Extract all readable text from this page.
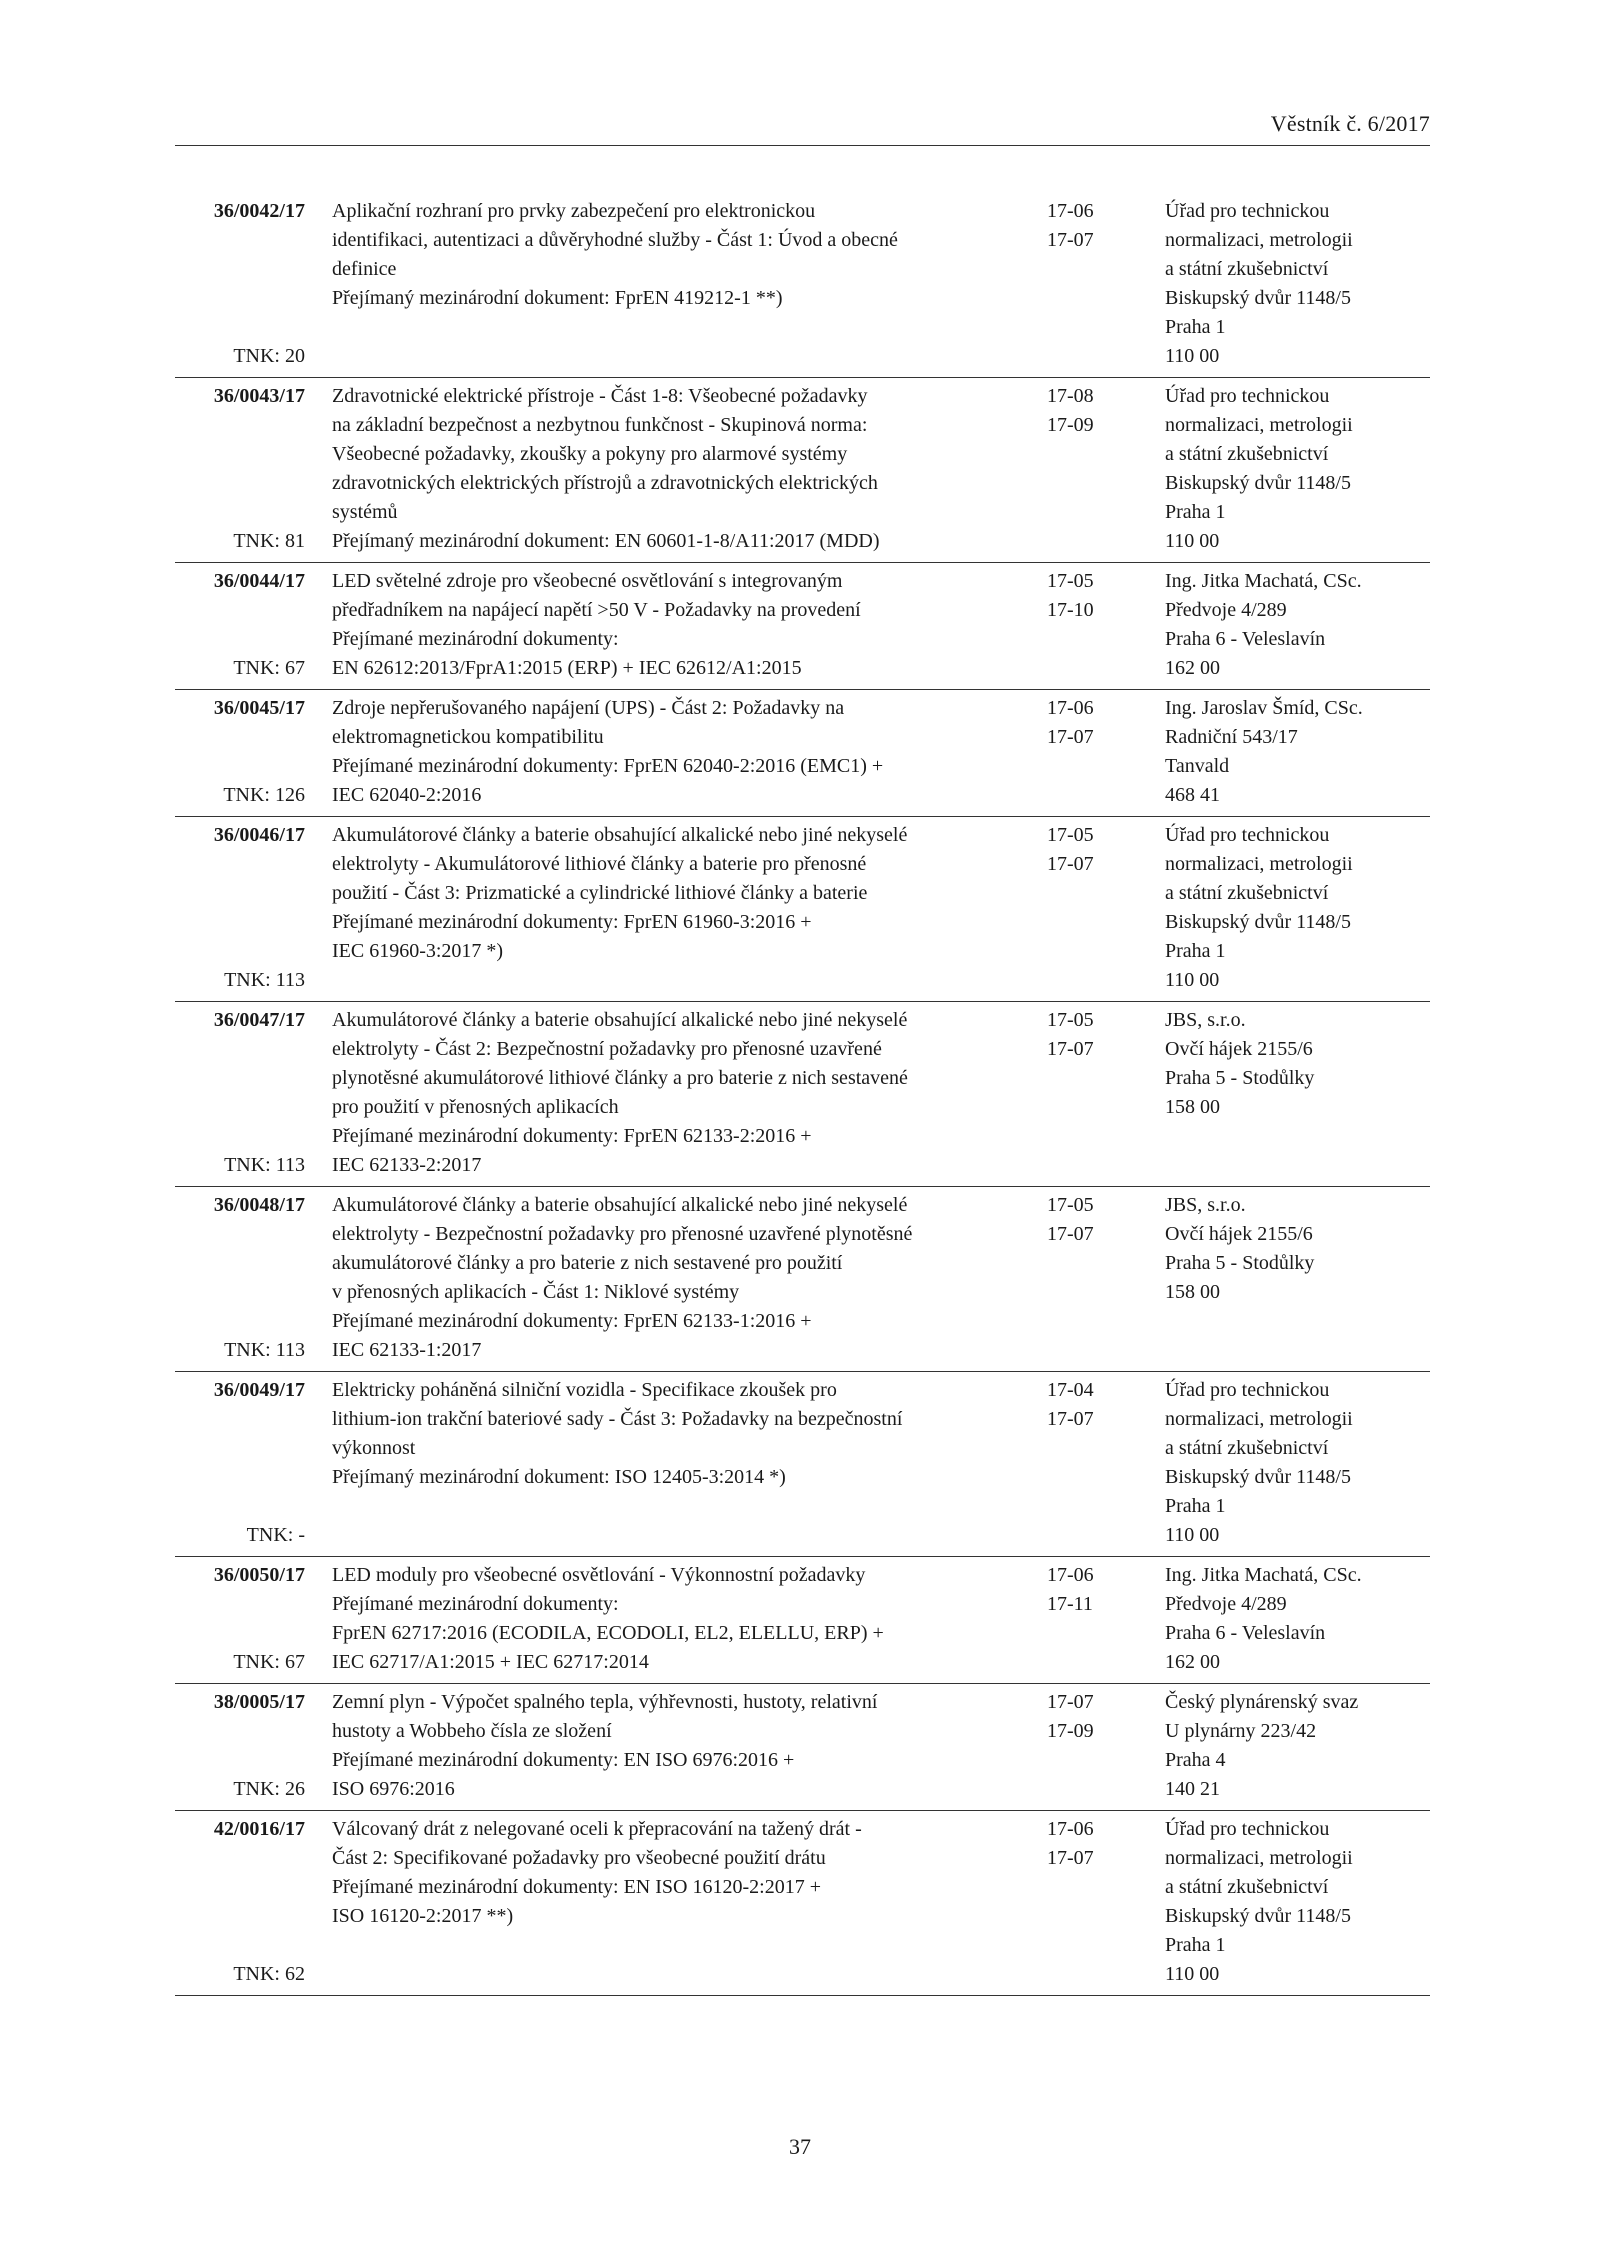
Věstník č. 6/2017
36/0042/17
TNK: 20
Aplikační rozhraní pro prvky zabezpečení pro elektronickou
identifikaci, autentizaci a důvěryhodné služby - Část 1: Úvod a obecné
definice
Přejímaný mezinárodní dokument: FprEN 419212-1 **)
17-06
17-07
Úřad pro technickou
normalizaci, metrologii
a státní zkušebnictví
Biskupský dvůr 1148/5
Praha 1
110 00
36/0043/17
TNK: 81
Zdravotnické elektrické přístroje - Část 1-8: Všeobecné požadavky
na základní bezpečnost a nezbytnou funkčnost - Skupinová norma:
Všeobecné požadavky, zkoušky a pokyny pro alarmové systémy
zdravotnických elektrických přístrojů a zdravotnických elektrických
systémů
Přejímaný mezinárodní dokument: EN 60601-1-8/A11:2017 (MDD)
17-08
17-09
Úřad pro technickou
normalizaci, metrologii
a státní zkušebnictví
Biskupský dvůr 1148/5
Praha 1
110 00
36/0044/17
TNK: 67
LED světelné zdroje pro všeobecné osvětlování s integrovaným
předřadníkem na napájecí napětí >50 V - Požadavky na provedení
Přejímané mezinárodní dokumenty:
EN 62612:2013/FprA1:2015 (ERP) + IEC 62612/A1:2015
17-05
17-10
Ing. Jitka Machatá, CSc.
Předvoje 4/289
Praha 6 - Veleslavín
162 00
36/0045/17
TNK: 126
Zdroje nepřerušovaného napájení (UPS) - Část 2: Požadavky na
elektromagnetickou kompatibilitu
Přejímané mezinárodní dokumenty: FprEN 62040-2:2016 (EMC1) +
IEC 62040-2:2016
17-06
17-07
Ing. Jaroslav Šmíd, CSc.
Radniční 543/17
Tanvald
468 41
36/0046/17
TNK: 113
Akumulátorové články a baterie obsahující alkalické nebo jiné nekyselé
elektrolyty - Akumulátorové lithiové články a baterie pro přenosné
použití - Část 3: Prizmatické a cylindrické lithiové články a baterie
Přejímané mezinárodní dokumenty: FprEN 61960-3:2016 +
IEC 61960-3:2017 *)
17-05
17-07
Úřad pro technickou
normalizaci, metrologii
a státní zkušebnictví
Biskupský dvůr 1148/5
Praha 1
110 00
36/0047/17
TNK: 113
Akumulátorové články a baterie obsahující alkalické nebo jiné nekyselé
elektrolyty - Část 2: Bezpečnostní požadavky pro přenosné uzavřené
plynotěsné akumulátorové lithiové články a pro baterie z nich sestavené
pro použití v přenosných aplikacích
Přejímané mezinárodní dokumenty: FprEN 62133-2:2016 +
IEC 62133-2:2017
17-05
17-07
JBS, s.r.o.
Ovčí hájek 2155/6
Praha 5 - Stodůlky
158 00
36/0048/17
TNK: 113
Akumulátorové články a baterie obsahující alkalické nebo jiné nekyselé
elektrolyty - Bezpečnostní požadavky pro přenosné uzavřené plynotěsné
akumulátorové články a pro baterie z nich sestavené pro použití
v přenosných aplikacích - Část 1: Niklové systémy
Přejímané mezinárodní dokumenty: FprEN 62133-1:2016 +
IEC 62133-1:2017
17-05
17-07
JBS, s.r.o.
Ovčí hájek 2155/6
Praha 5 - Stodůlky
158 00
36/0049/17
TNK: -
Elektricky poháněná silniční vozidla - Specifikace zkoušek pro
lithium-ion trakční bateriové sady - Část 3: Požadavky na bezpečnostní
výkonnost
Přejímaný mezinárodní dokument: ISO 12405-3:2014 *)
17-04
17-07
Úřad pro technickou
normalizaci, metrologii
a státní zkušebnictví
Biskupský dvůr 1148/5
Praha 1
110 00
36/0050/17
TNK: 67
LED moduly pro všeobecné osvětlování - Výkonnostní požadavky
Přejímané mezinárodní dokumenty:
FprEN 62717:2016 (ECODILA, ECODOLI, EL2, ELELLU, ERP) +
IEC 62717/A1:2015 + IEC 62717:2014
17-06
17-11
Ing. Jitka Machatá, CSc.
Předvoje 4/289
Praha 6 - Veleslavín
162 00
38/0005/17
TNK: 26
Zemní plyn - Výpočet spalného tepla, výhřevnosti, hustoty, relativní
hustoty a Wobbeho čísla ze složení
Přejímané mezinárodní dokumenty: EN ISO 6976:2016 +
ISO 6976:2016
17-07
17-09
Český plynárenský svaz
U plynárny 223/42
Praha 4
140 21
42/0016/17
TNK: 62
Válcovaný drát z nelegované oceli k přepracování na tažený drát -
Část 2: Specifikované požadavky pro všeobecné použití drátu
Přejímané mezinárodní dokumenty: EN ISO 16120-2:2017 +
ISO 16120-2:2017 **)
17-06
17-07
Úřad pro technickou
normalizaci, metrologii
a státní zkušebnictví
Biskupský dvůr 1148/5
Praha 1
110 00
37
